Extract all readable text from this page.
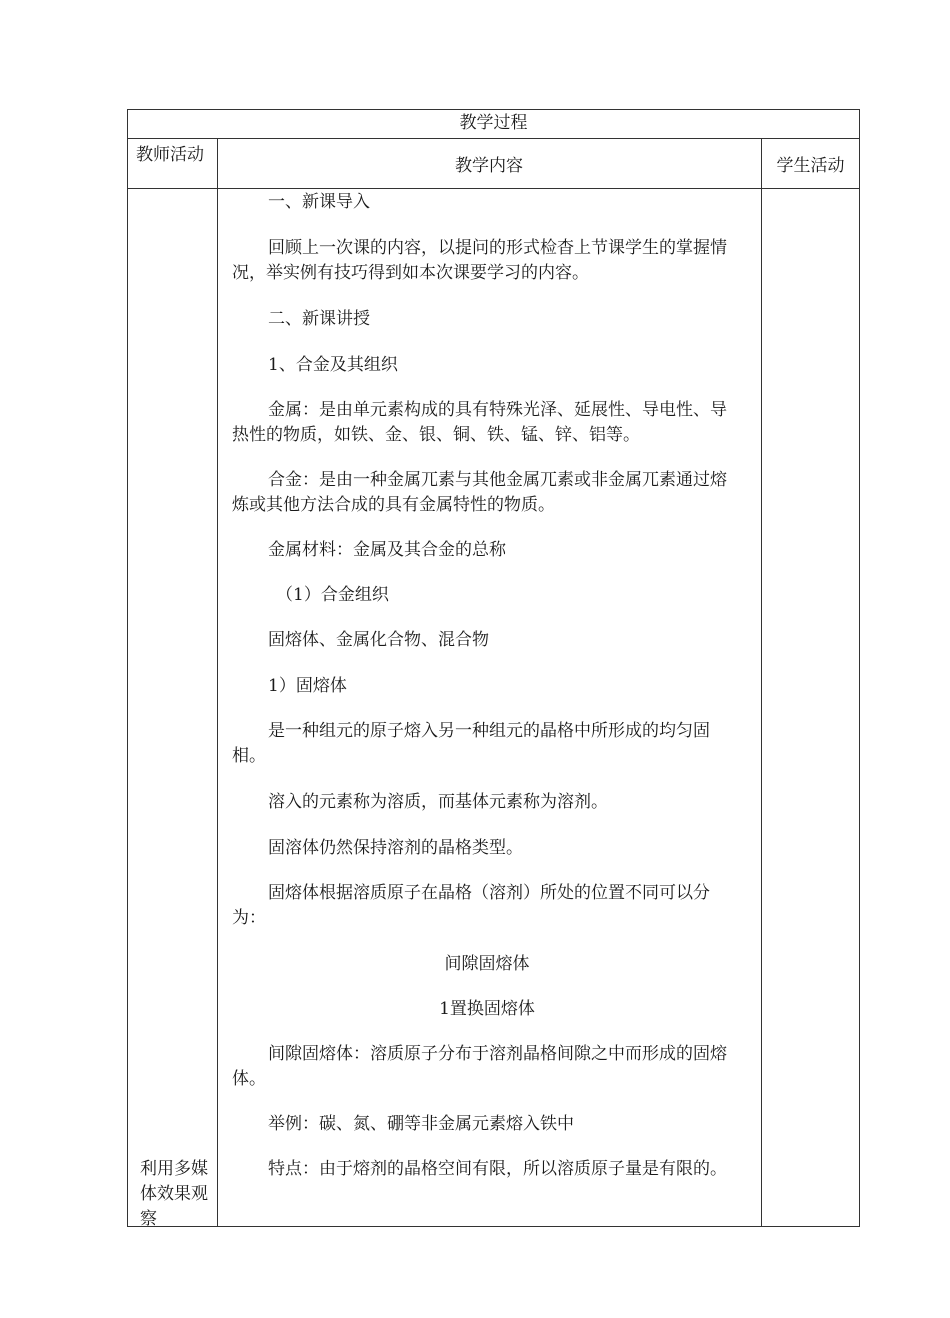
教学过程
教师活动
教学内容	学生活动
利用多媒体效果观察
一、新课导入
回顾上一次课的内容，以提问的形式检杳上节课学生的掌握情况，举实例有技巧得到如本次课要学习的内容。
二、新课讲授
1、合金及其组织
金属：是由单元素构成的具有特殊光泽、延展性、导电性、导热性的物质，如铁、金、银、铜、铁、锰、锌、铝等。
合金：是由一种金属兀素与其他金属兀素或非金属兀素通过熔炼或其他方法合成的具有金属特性的物质。
金属材料：金属及其合金的总称
（1）合金组织
固熔体、金属化合物、混合物
1）固熔体
是一种组元的原子熔入另一种组元的晶格中所形成的均匀固相。
溶入的元素称为溶质，而基体元素称为溶剂。
固溶体仍然保持溶剂的晶格类型。
固熔体根据溶质原子在晶格（溶剂）所处的位置不同可以分为：
间隙固熔体
1置换固熔体
间隙固熔体：溶质原子分布于溶剂晶格间隙之中而形成的固熔体。
举例：碳、氮、硼等非金属元素熔入铁中
特点：由于熔剂的晶格空间有限，所以溶质原子量是有限的。
